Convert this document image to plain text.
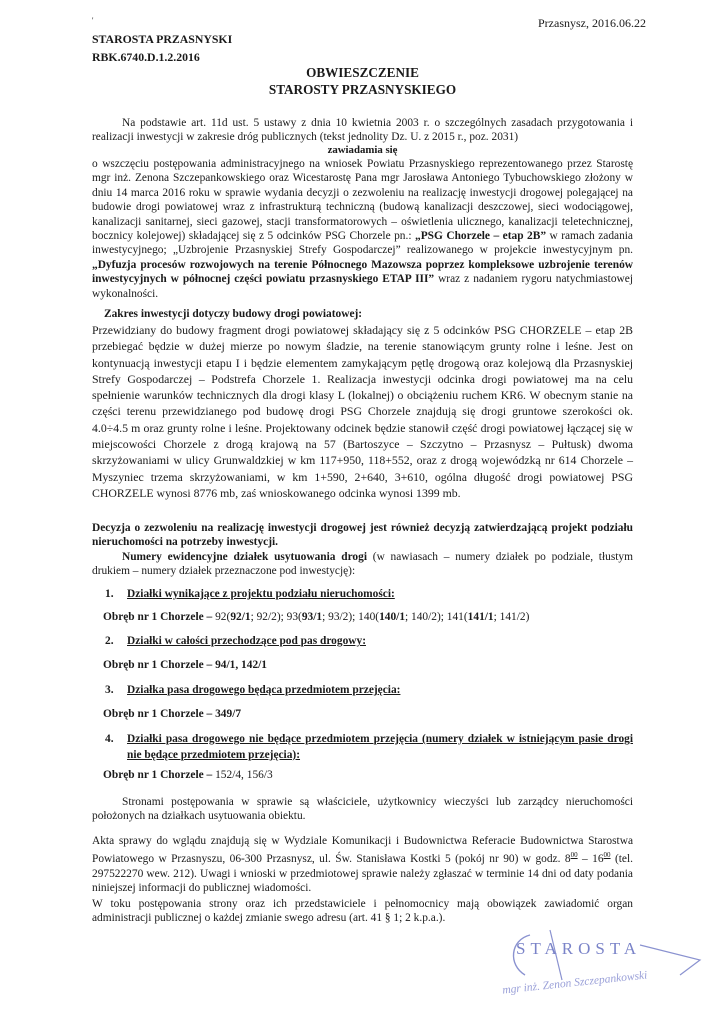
'	Przasnysz, 2016.06.22
STAROSTA PRZASNYSKI
RBK.6740.D.1.2.2016
OBWIESZCZENIE
STAROSTY PRZASNYSKIEGO
Na podstawie art. 11d ust. 5 ustawy z dnia 10 kwietnia 2003 r. o szczególnych zasadach przygotowania i realizacji inwestycji w zakresie dróg publicznych (tekst jednolity Dz. U. z 2015 r., poz. 2031)
zawiadamia się
o wszczęciu postępowania administracyjnego na wniosek Powiatu Przasnyskiego reprezentowanego przez Starostę mgr inż. Zenona Szczepankowskiego oraz Wicestarostę Pana mgr Jarosława Antoniego Tybuchowskiego złożony w dniu 14 marca 2016 roku w sprawie wydania decyzji o zezwoleniu na realizację inwestycji drogowej polegającej na budowie drogi powiatowej wraz z infrastrukturą techniczną (budową kanalizacji deszczowej, sieci wodociągowej, kanalizacji sanitarnej, sieci gazowej, stacji transformatorowych – oświetlenia ulicznego, kanalizacji teletechnicznej, bocznicy kolejowej) składającej się z 5 odcinków PSG Chorzele pn.: „PSG Chorzele – etap 2B” w ramach zadania inwestycyjnego; „Uzbrojenie Przasnyskiej Strefy Gospodarczej” realizowanego w projekcie inwestycyjnym pn. „Dyfuzja procesów rozwojowych na terenie Północnego Mazowsza poprzez kompleksowe uzbrojenie terenów inwestycyjnych w północnej części powiatu przasnyskiego ETAP III” wraz z nadaniem rygoru natychmiastowej wykonalności.
Zakres inwestycji dotyczy budowy drogi powiatowej:
Przewidziany do budowy fragment drogi powiatowej składający się z 5 odcinków PSG CHORZELE – etap 2B przebiegać będzie w dużej mierze po nowym śladzie, na terenie stanowiącym grunty rolne i leśne. Jest on kontynuacją inwestycji etapu I i będzie elementem zamykającym pętlę drogową oraz kolejową dla Przasnyskiej Strefy Gospodarczej – Podstrefa Chorzele 1. Realizacja inwestycji odcinka drogi powiatowej ma na celu spełnienie warunków technicznych dla drogi klasy L (lokalnej) o obciążeniu ruchem KR6. W obecnym stanie na części terenu przewidzianego pod budowę drogi PSG Chorzele znajdują się drogi gruntowe szerokości ok. 4.0÷4.5 m oraz grunty rolne i leśne. Projektowany odcinek będzie stanowił część drogi powiatowej łączącej się w miejscowości Chorzele z drogą krajową na 57 (Bartoszyce – Szczytno – Przasnysz – Pułtusk) dwoma skrzyżowaniami w ulicy Grunwaldzkiej w km 117+950, 118+552, oraz z drogą wojewódzką nr 614 Chorzele – Myszyniec trzema skrzyżowaniami, w km 1+590, 2+640, 3+610, ogólna długość drogi powiatowej PSG CHORZELE wynosi 8776 mb, zaś wnioskowanego odcinka wynosi 1399 mb.
Decyzja o zezwoleniu na realizację inwestycji drogowej jest również decyzją zatwierdzającą projekt podziału nieruchomości na potrzeby inwestycji.
Numery ewidencyjne działek usytuowania drogi (w nawiasach – numery działek po podziale, tłustym drukiem – numery działek przeznaczone pod inwestycję):
1.	Działki wynikające z projektu podziału nieruchomości:
Obręb nr 1 Chorzele – 92(92/1; 92/2); 93(93/1; 93/2); 140(140/1; 140/2); 141(141/1; 141/2)
2.	Działki w całości przechodzące pod pas drogowy:
Obręb nr 1 Chorzele – 94/1, 142/1
3.	Działka pasa drogowego będąca przedmiotem przejęcia:
Obręb nr 1 Chorzele – 349/7
4.	Działki pasa drogowego nie będące przedmiotem przejęcia (numery działek w istniejącym pasie drogi nie będące przedmiotem przejęcia):
Obręb nr 1 Chorzele – 152/4, 156/3
Stronami postępowania w sprawie są właściciele, użytkownicy wieczyści lub zarządcy nieruchomości położonych na działkach usytuowania obiektu.
Akta sprawy do wglądu znajdują się w Wydziale Komunikacji i Budownictwa Referacie Budownictwa Starostwa Powiatowego w Przasnyszu, 06-300 Przasnysz, ul. Św. Stanisława Kostki 5 (pokój nr 90) w godz. $8^{00} - 16^{00}$ (tel. 297522270 wew. 212). Uwagi i wnioski w przedmiotowej sprawie należy zgłaszać w terminie 14 dni od daty podania niniejszej informacji do publicznej wiadomości.
W toku postępowania strony oraz ich przedstawiciele i pełnomocnicy mają obowiązek zawiadomić organ administracji publicznej o każdej zmianie swego adresu (art. 41 § 1; 2 k.p.a.).
STAROSTA
mgr inż. Zenon Szczepankowski
